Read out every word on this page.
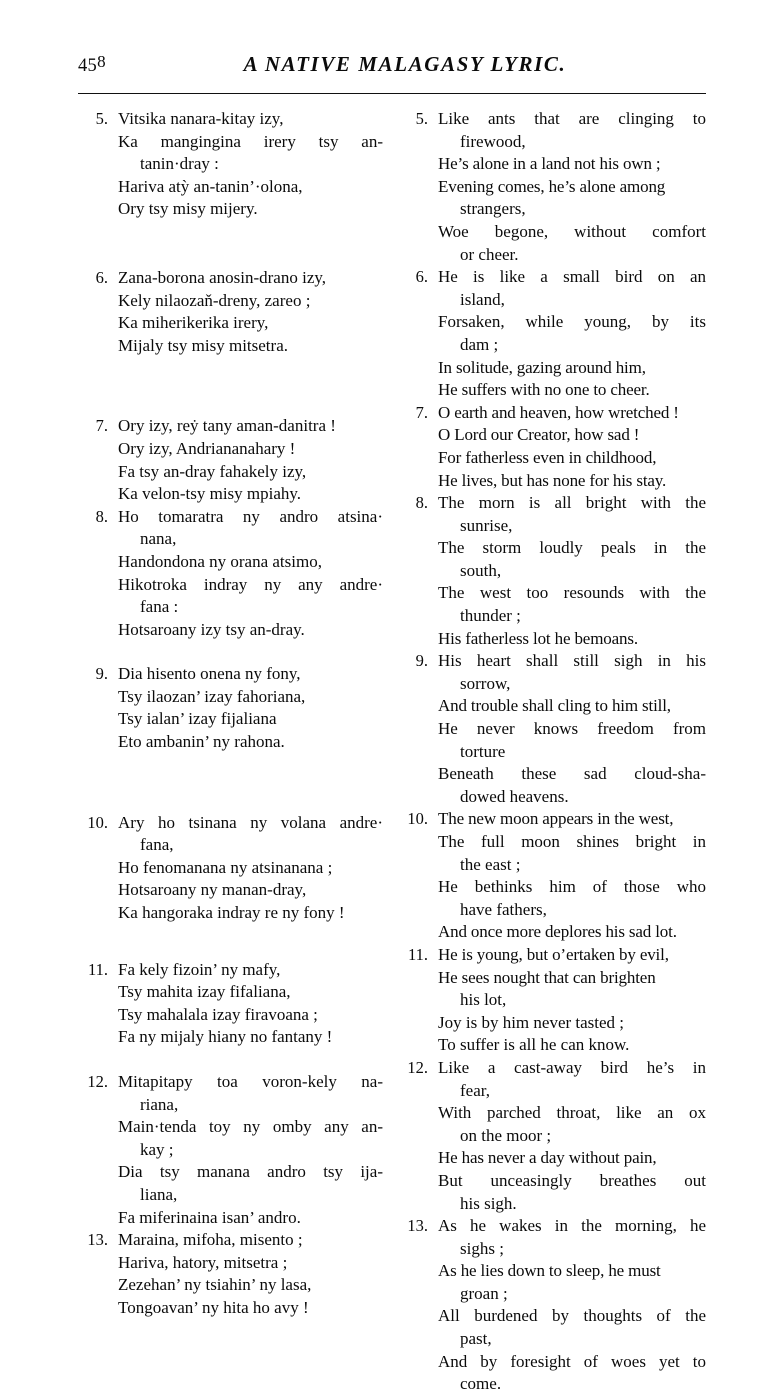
458	A NATIVE MALAGASY LYRIC.
5. Vitsika nanara-kitay izy,
Ka mangingina irery tsy an-
tanin·dray :
Hariva atỳ an-tanin’·olona,
Ory tsy misy mijery.
6. Zana-borona anosin-drano izy,
Kely nilaozaň-dreny, zareo ;
Ka miherikerika irery,
Mijaly tsy misy mitsetra.
7. Ory izy, reẏ tany aman-danitra !
Ory izy, Andriananahary !
Fa tsy an-dray fahakely izy,
Ka velon-tsy misy mpiahy.
8. Ho tomaratra ny andro atsina·
nana,
Handondona ny orana atsimo,
Hikotroka indray ny any andre·
fana :
Hotsaroany izy tsy an-dray.
9. Dia hisento onena ny fony,
Tsy ilaozan’ izay fahoriana,
Tsy ialan’ izay fijaliana
Eto ambanin’ ny rahona.
10. Ary ho tsinana ny volana andre·
fana,
Ho fenomanana ny atsinanana ;
Hotsaroany ny manan-dray,
Ka hangoraka indray re ny fony !
11. Fa kely fizoin’ ny mafy,
Tsy mahita izay fifaliana,
Tsy mahalala izay firavoana ;
Fa ny mijaly hiany no fantany !
12. Mitapitapy toa voron-kely na-
riana,
Main·tenda toy ny omby any an-
kay ;
Dia tsy manana andro tsy ija-
liana,
Fa miferinaina isan’ andro.
13. Maraina, mifoha, misento ;
Hariva, hatory, mitsetra ;
Zezehan’ ny tsiahin’ ny lasa,
Tongoavan’ ny hita ho avy !
5. Like ants that are clinging to
firewood,
He’s alone in a land not his own ;
Evening comes, he’s alone among
strangers,
Woe begone, without comfort
or cheer.
6. He is like a small bird on an
island,
Forsaken, while young, by its
dam ;
In solitude, gazing around him,
He suffers with no one to cheer.
7. O earth and heaven, how wretched !
O Lord our Creator, how sad !
For fatherless even in childhood,
He lives, but has none for his stay.
8. The morn is all bright with the
sunrise,
The storm loudly peals in the
south,
The west too resounds with the
thunder ;
His fatherless lot he bemoans.
9. His heart shall still sigh in his
sorrow,
And trouble shall cling to him still,
He never knows freedom from
torture
Beneath these sad cloud-sha-
dowed heavens.
10. The new moon appears in the west,
The full moon shines bright in
the east ;
He bethinks him of those who
have fathers,
And once more deplores his sad lot.
11. He is young, but o’ertaken by evil,
He sees nought that can brighten
his lot,
Joy is by him never tasted ;
To suffer is all he can know.
12. Like a cast-away bird he’s in
fear,
With parched throat, like an ox
on the moor ;
He has never a day without pain,
But unceasingly breathes out
his sigh.
13. As he wakes in the morning, he
sighs ;
As he lies down to sleep, he must
groan ;
All burdened by thoughts of the
past,
And by foresight of woes yet to
come.
